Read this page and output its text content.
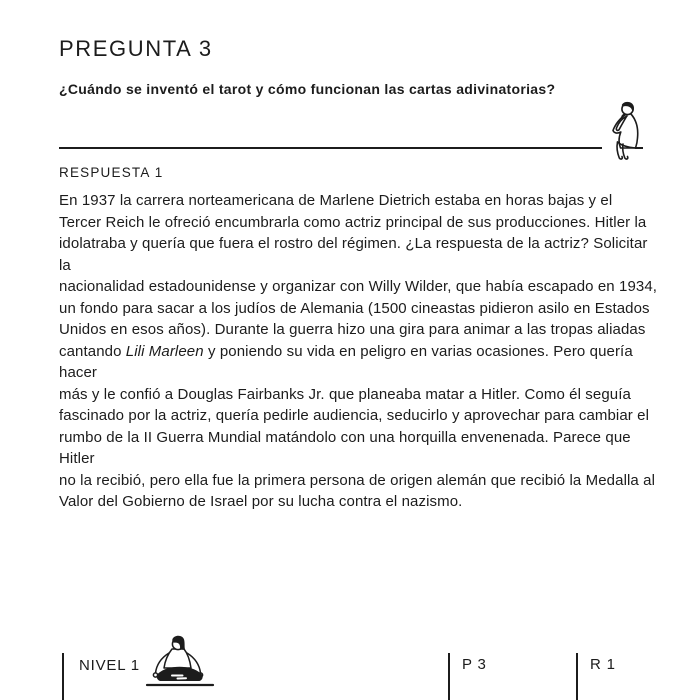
PREGUNTA 3
¿Cuándo se inventó el tarot y cómo funcionan las cartas adivinatorias?
RESPUESTA 1
En 1937 la carrera norteamericana de Marlene Dietrich estaba en horas bajas y el
Tercer Reich le ofreció encumbrarla como actriz principal de sus producciones. Hitler la
idolatraba y quería que fuera el rostro del régimen. ¿La respuesta de la actriz? Solicitar la
nacionalidad estadounidense y organizar con Willy Wilder, que había escapado en 1934,
un fondo para sacar a los judíos de Alemania (1500 cineastas pidieron asilo en Estados
Unidos en esos años). Durante la guerra hizo una gira para animar a las tropas aliadas
cantando Lili Marleen y poniendo su vida en peligro en varias ocasiones. Pero quería hacer
más y le confió a Douglas Fairbanks Jr. que planeaba matar a Hitler. Como él seguía
fascinado por la actriz, quería pedirle audiencia, seducirlo y aprovechar para cambiar el
rumbo de la II Guerra Mundial matándolo con una horquilla envenenada. Parece que Hitler
no la recibió, pero ella fue la primera persona de origen alemán que recibió la Medalla al
Valor del Gobierno de Israel por su lucha contra el nazismo.
NIVEL 1	P 3	R 1
